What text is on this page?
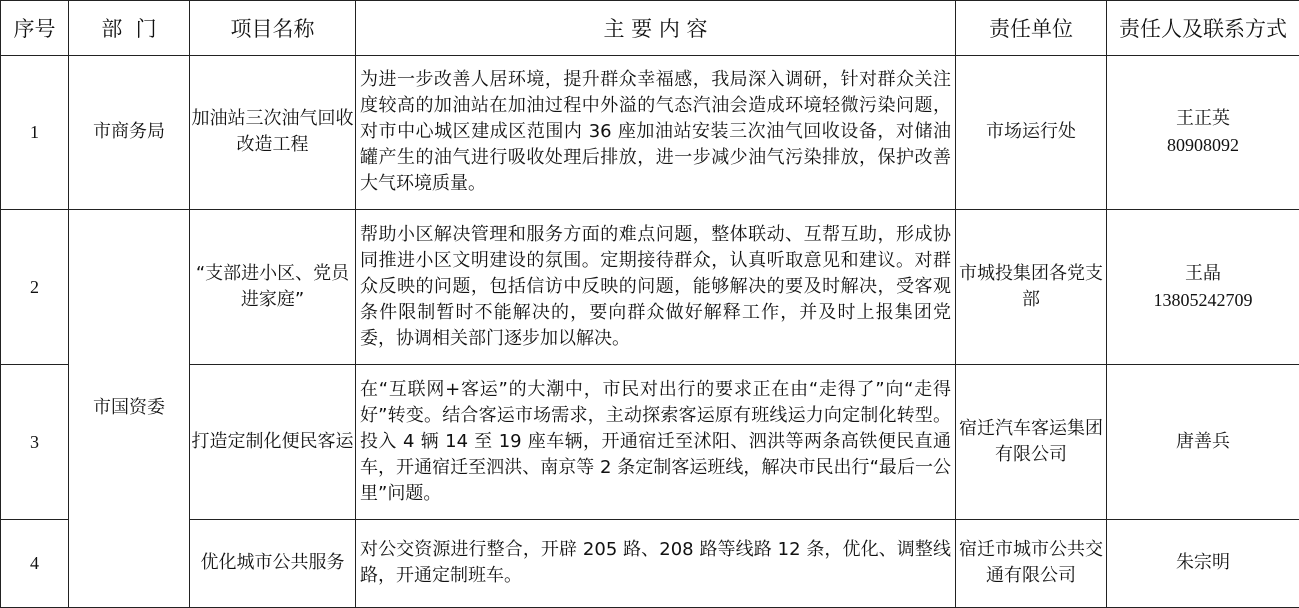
序号	部  门	项目名称	主 要 内 容	责任单位	责任人及联系方式
1	市商务局	加油站三次油气回收改造工程	为进一步改善人居环境，提升群众幸福感，我局深入调研，针对群众关注度较高的加油站在加油过程中外溢的气态汽油会造成环境轻微污染问题，对市中心城区建成区范围内 36 座加油站安装三次油气回收设备，对储油罐产生的油气进行吸收处理后排放，进一步减少油气污染排放，保护改善大气环境质量。	市场运行处	王正英
80908092

2	市国资委	“支部进小区、党员进家庭”	帮助小区解决管理和服务方面的难点问题，整体联动、互帮互助，形成协同推进小区文明建设的氛围。定期接待群众，认真听取意见和建议。对群众反映的问题，包括信访中反映的问题，能够解决的要及时解决，受客观条件限制暂时不能解决的，要向群众做好解释工作，并及时上报集团党委，协调相关部门逐步加以解决。	市城投集团各党支部	王晶
13805242709

3		打造定制化便民客运	在“互联网+客运”的大潮中，市民对出行的要求正在由“走得了”向“走得好”转变。结合客运市场需求，主动探索客运原有班线运力向定制化转型。投入 4 辆 14 至 19 座车辆，开通宿迁至沭阳、泗洪等两条高铁便民直通车，开通宿迁至泗洪、南京等 2 条定制客运班线，解决市民出行“最后一公里”问题。	宿迁汽车客运集团有限公司	唐善兵

4		优化城市公共服务	对公交资源进行整合，开辟 205 路、208 路等线路 12 条，优化、调整线路，开通定制班车。	宿迁市城市公共交通有限公司	朱宗明
